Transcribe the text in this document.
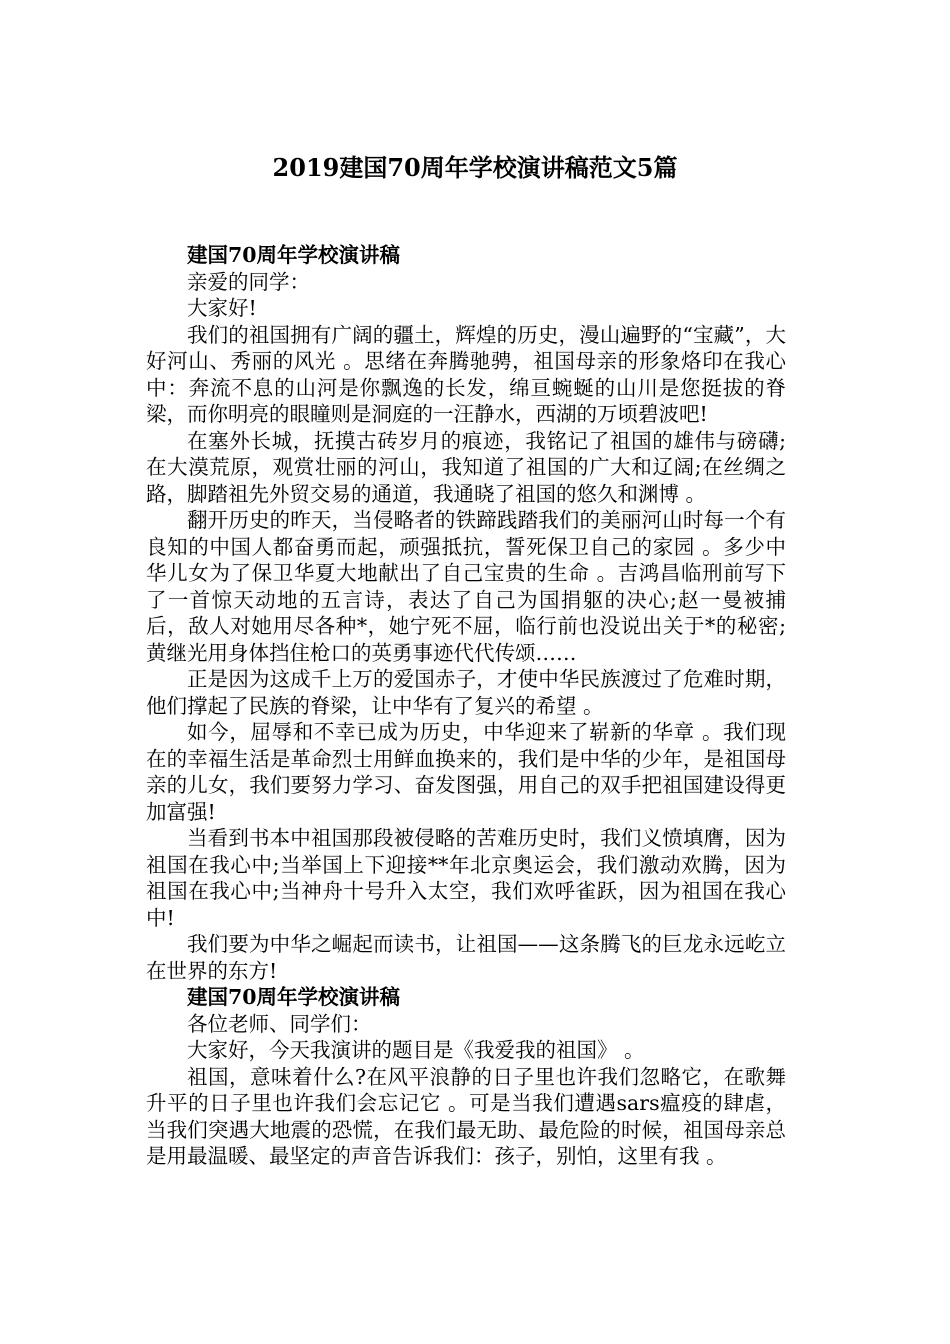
2019建国70周年学校演讲稿范文5篇

建国70周年学校演讲稿

亲爱的同学：

大家好!

我们的祖国拥有广阔的疆土，辉煌的历史，漫山遍野的“宝藏”，大好河山、秀丽的风光 。思绪在奔腾驰骋，祖国母亲的形象烙印在我心中：奔流不息的山河是你飘逸的长发，绵亘蜿蜒的山川是您挺拔的脊梁，而你明亮的眼瞳则是洞庭的一汪静水，西湖的万顷碧波吧!

在塞外长城，抚摸古砖岁月的痕迹，我铭记了祖国的雄伟与磅礴;在大漠荒原，观赏壮丽的河山，我知道了祖国的广大和辽阔;在丝绸之路，脚踏祖先外贸交易的通道，我通晓了祖国的悠久和渊博 。

翻开历史的昨天，当侵略者的铁蹄践踏我们的美丽河山时每一个有良知的中国人都奋勇而起，顽强抵抗，誓死保卫自己的家园 。多少中华儿女为了保卫华夏大地献出了自己宝贵的生命 。吉鸿昌临刑前写下了一首惊天动地的五言诗，表达了自己为国捐躯的决心;赵一曼被捕后，敌人对她用尽各种*，她宁死不屈，临行前也没说出关于*的秘密;黄继光用身体挡住枪口的英勇事迹代代传颂……

正是因为这成千上万的爱国赤子，才使中华民族渡过了危难时期，他们撑起了民族的脊梁，让中华有了复兴的希望 。

如今，屈辱和不幸已成为历史，中华迎来了崭新的华章 。我们现在的幸福生活是革命烈士用鲜血换来的，我们是中华的少年，是祖国母亲的儿女，我们要努力学习、奋发图强，用自己的双手把祖国建设得更加富强!

当看到书本中祖国那段被侵略的苦难历史时，我们义愤填膺，因为祖国在我心中;当举国上下迎接**年北京奥运会，我们激动欢腾，因为祖国在我心中;当神舟十号升入太空，我们欢呼雀跃，因为祖国在我心中!

我们要为中华之崛起而读书，让祖国——这条腾飞的巨龙永远屹立在世界的东方!

建国70周年学校演讲稿

各位老师、同学们：

大家好，今天我演讲的题目是《我爱我的祖国》 。

祖国，意味着什么?在风平浪静的日子里也许我们忽略它，在歌舞升平的日子里也许我们会忘记它 。可是当我们遭遇sars瘟疫的肆虐，当我们突遇大地震的恐慌，在我们最无助、最危险的时候，祖国母亲总是用最温暖、最坚定的声音告诉我们：孩子，别怕，这里有我 。
